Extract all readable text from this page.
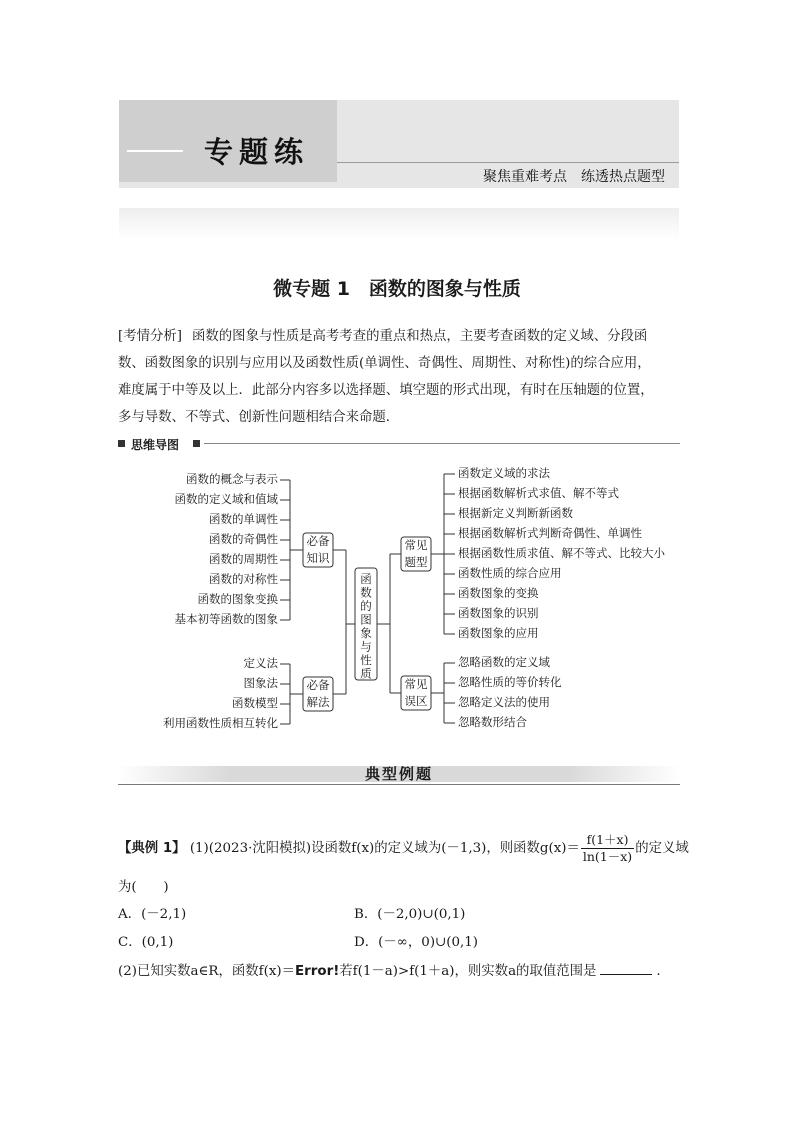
专题练
聚焦重难考点　练透热点题型
微专题 1　函数的图象与性质
[考情分析] 函数的图象与性质是高考考查的重点和热点，主要考查函数的定义域、分段函
数、函数图象的识别与应用以及函数性质(单调性、奇偶性、周期性、对称性)的综合应用，
难度属于中等及以上．此部分内容多以选择题、填空题的形式出现，有时在压轴题的位置，
多与导数、不等式、创新性问题相结合来命题．
思维导图
函数的概念与表示
函数的定义域和值域
函数的单调性
函数的奇偶性
函数的周期性
函数的对称性
函数的图象变换
基本初等函数的图象
必备
知识
定义法
图象法
函数模型
利用函数性质相互转化
必备
解法
函
数
的
图
象
与
性
质
函数定义域的求法
根据函数解析式求值、解不等式
根据新定义判断新函数
根据函数解析式判断奇偶性、单调性
根据函数性质求值、解不等式、比较大小
函数性质的综合应用
函数图象的变换
函数图象的识别
函数图象的应用
常见
题型
忽略函数的定义域
忽略性质的等价转化
忽略定义法的使用
忽略数形结合
常见
误区
典型例题
【典例 1】 (1)(2023·沈阳模拟)设函数f(x)的定义域为(－1,3)，则函数$g(x)= \frac{f(1+x)}{\ln(1-x)}$ 的定义域
为(　　)
A．(－2,1)	B．(－2,0)∪(0,1)
C．(0,1)	D．(－∞，0)∪(0,1)
(2)已知实数a∈R，函数f(x)＝Error!若f(1－a)>f(1＋a)，则实数a的取值范围是	.
